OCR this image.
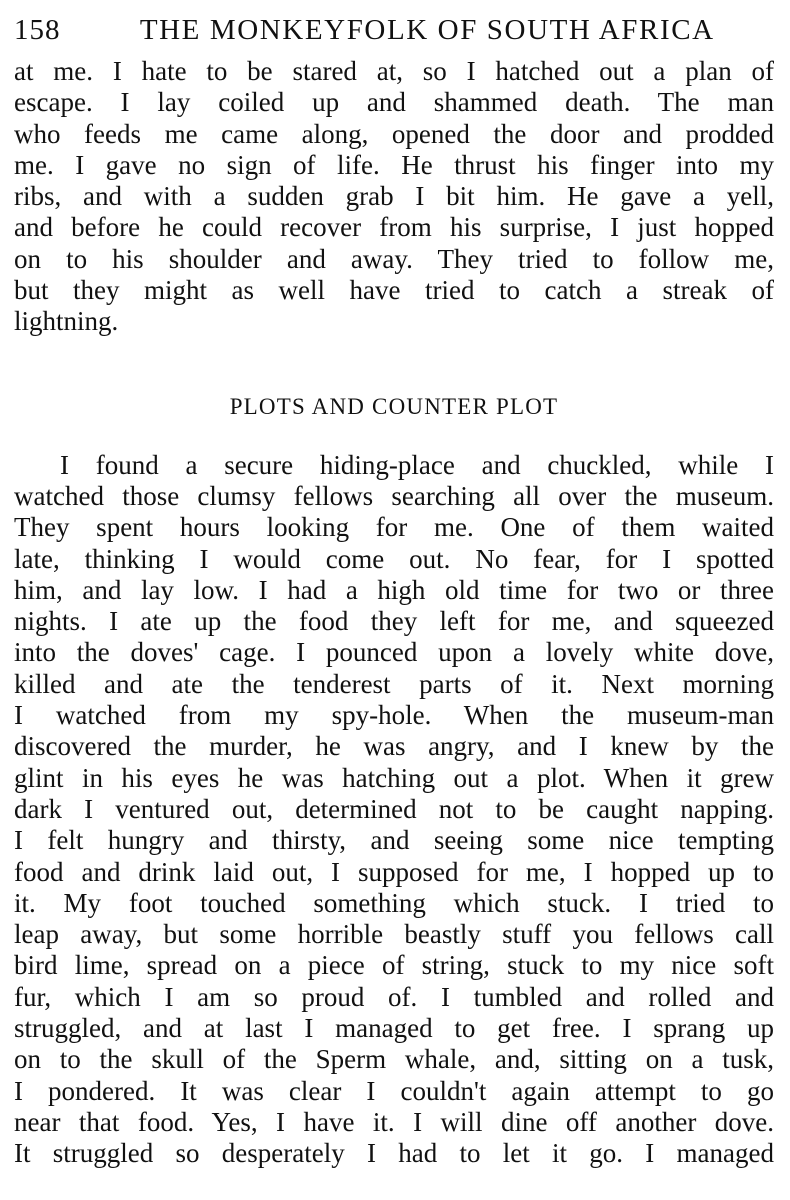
158	THE MONKEYFOLK OF SOUTH AFRICA
at me. I hate to be stared at, so I hatched out a plan of
escape. I lay coiled up and shammed death. The man
who feeds me came along, opened the door and prodded
me. I gave no sign of life. He thrust his finger into my
ribs, and with a sudden grab I bit him. He gave a yell,
and before he could recover from his surprise, I just hopped
on to his shoulder and away. They tried to follow me,
but they might as well have tried to catch a streak of
lightning.
PLOTS AND COUNTER PLOT
I found a secure hiding-place and chuckled, while I
watched those clumsy fellows searching all over the museum.
They spent hours looking for me. One of them waited
late, thinking I would come out. No fear, for I spotted
him, and lay low. I had a high old time for two or three
nights. I ate up the food they left for me, and squeezed
into the doves' cage. I pounced upon a lovely white dove,
killed and ate the tenderest parts of it. Next morning
I watched from my spy-hole. When the museum-man
discovered the murder, he was angry, and I knew by the
glint in his eyes he was hatching out a plot. When it grew
dark I ventured out, determined not to be caught napping.
I felt hungry and thirsty, and seeing some nice tempting
food and drink laid out, I supposed for me, I hopped up to
it. My foot touched something which stuck. I tried to
leap away, but some horrible beastly stuff you fellows call
bird lime, spread on a piece of string, stuck to my nice soft
fur, which I am so proud of. I tumbled and rolled and
struggled, and at last I managed to get free. I sprang up
on to the skull of the Sperm whale, and, sitting on a tusk,
I pondered. It was clear I couldn't again attempt to go
near that food. Yes, I have it. I will dine off another dove.
It struggled so desperately I had to let it go. I managed
